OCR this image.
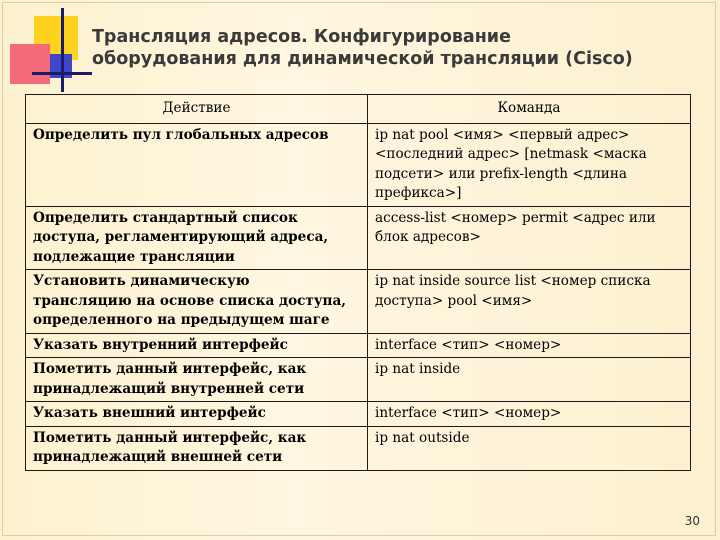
Трансляция адресов. Конфигурирование
оборудования для динамической трансляции (Cisco)
Действие	Команда

Определить пул глобальных адресов	ip nat pool <имя> <первый адрес>
<последний адрес> [netmask <маска
подсети> или prefix-length <длина
префикса>]

Определить стандартный список
доступа, регламентирующий адреса,
подлежащие трансляции	access-list <номер> permit <адрес или
блок адресов>

Установить динамическую
трансляцию на основе списка доступа,
определенного на предыдущем шаге	ip nat inside source list <номер списка
доступа> pool <имя>

Указать внутренний интерфейс	interface <тип> <номер>

Пометить данный интерфейс, как
принадлежащий внутренней сети	ip nat inside

Указать внешний интерфейс	interface <тип> <номер>

Пометить данный интерфейс, как
принадлежащий внешней сети	ip nat outside
30
